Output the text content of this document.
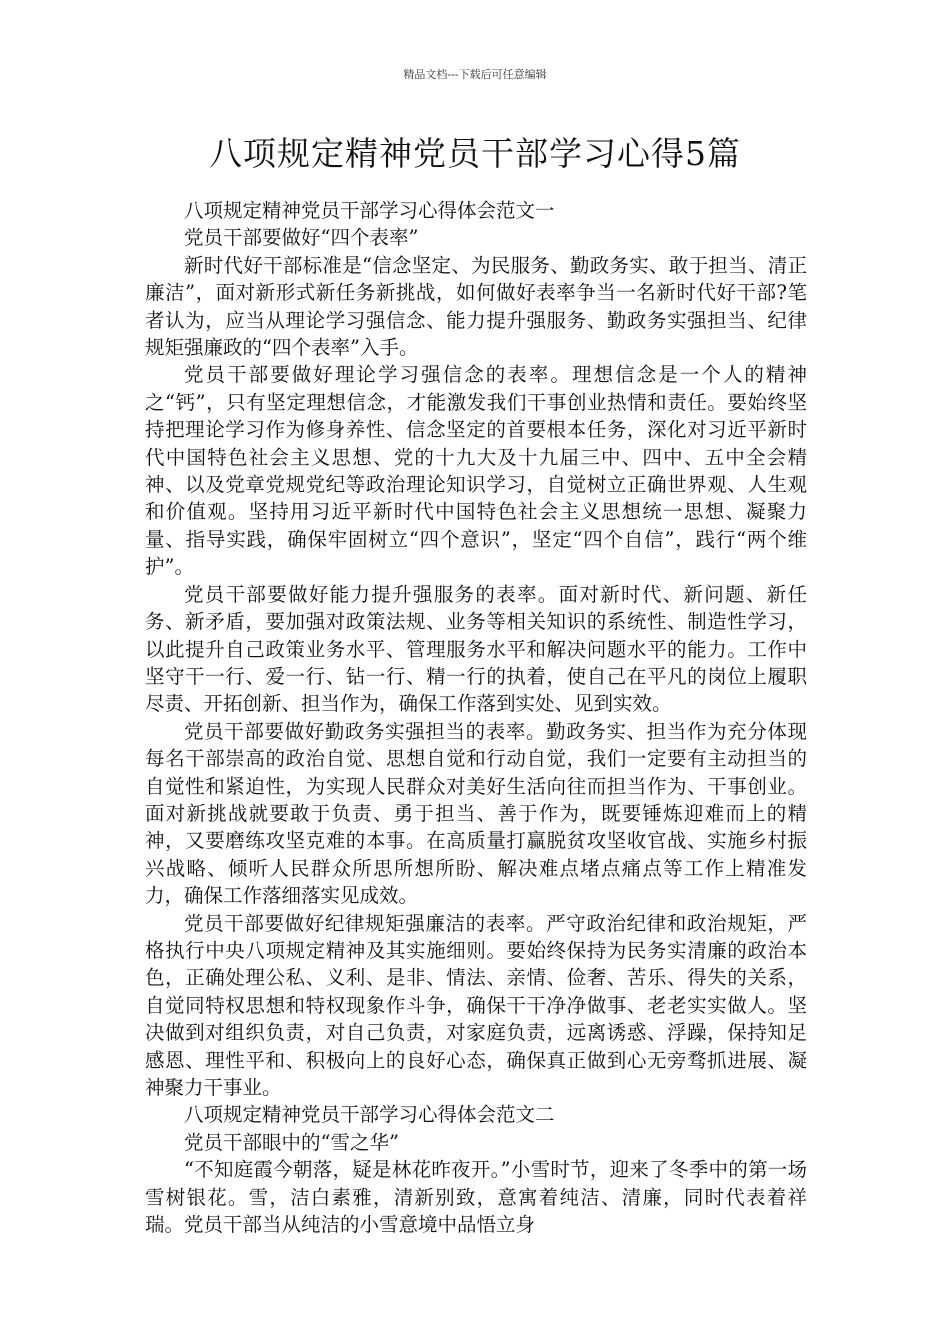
精品文档---下载后可任意编辑
八项规定精神党员干部学习心得5篇

八项规定精神党员干部学习心得体会范文一

党员干部要做好“四个表率”

新时代好干部标准是“信念坚定、为民服务、勤政务实、敢于担当、清正廉洁”，面对新形式新任务新挑战，如何做好表率争当一名新时代好干部?笔者认为，应当从理论学习强信念、能力提升强服务、勤政务实强担当、纪律规矩强廉政的“四个表率”入手。

党员干部要做好理论学习强信念的表率。理想信念是一个人的精神之“钙”，只有坚定理想信念，才能激发我们干事创业热情和责任。要始终坚持把理论学习作为修身养性、信念坚定的首要根本任务，深化对习近平新时代中国特色社会主义思想、党的十九大及十九届三中、四中、五中全会精神、以及党章党规党纪等政治理论知识学习，自觉树立正确世界观、人生观和价值观。坚持用习近平新时代中国特色社会主义思想统一思想、凝聚力量、指导实践，确保牢固树立“四个意识”，坚定“四个自信”，践行“两个维护”。

党员干部要做好能力提升强服务的表率。面对新时代、新问题、新任务、新矛盾，要加强对政策法规、业务等相关知识的系统性、制造性学习，以此提升自己政策业务水平、管理服务水平和解决问题水平的能力。工作中坚守干一行、爱一行、钻一行、精一行的执着，使自己在平凡的岗位上履职尽责、开拓创新、担当作为，确保工作落到实处、见到实效。

党员干部要做好勤政务实强担当的表率。勤政务实、担当作为充分体现每名干部崇高的政治自觉、思想自觉和行动自觉，我们一定要有主动担当的自觉性和紧迫性，为实现人民群众对美好生活向往而担当作为、干事创业。面对新挑战就要敢于负责、勇于担当、善于作为，既要锤炼迎难而上的精神，又要磨练攻坚克难的本事。在高质量打赢脱贫攻坚收官战、实施乡村振兴战略、倾听人民群众所思所想所盼、解决难点堵点痛点等工作上精准发力，确保工作落细落实见成效。

党员干部要做好纪律规矩强廉洁的表率。严守政治纪律和政治规矩，严格执行中央八项规定精神及其实施细则。要始终保持为民务实清廉的政治本色，正确处理公私、义利、是非、情法、亲情、俭奢、苦乐、得失的关系，自觉同特权思想和特权现象作斗争，确保干干净净做事、老老实实做人。坚决做到对组织负责，对自己负责，对家庭负责，远离诱惑、浮躁，保持知足感恩、理性平和、积极向上的良好心态，确保真正做到心无旁骛抓进展、凝神聚力干事业。

八项规定精神党员干部学习心得体会范文二

党员干部眼中的“雪之华”

“不知庭霞今朝落，疑是林花昨夜开。”小雪时节，迎来了冬季中的第一场雪树银花。雪，洁白素雅，清新别致，意寓着纯洁、清廉，同时代表着祥瑞。党员干部当从纯洁的小雪意境中品悟立身
